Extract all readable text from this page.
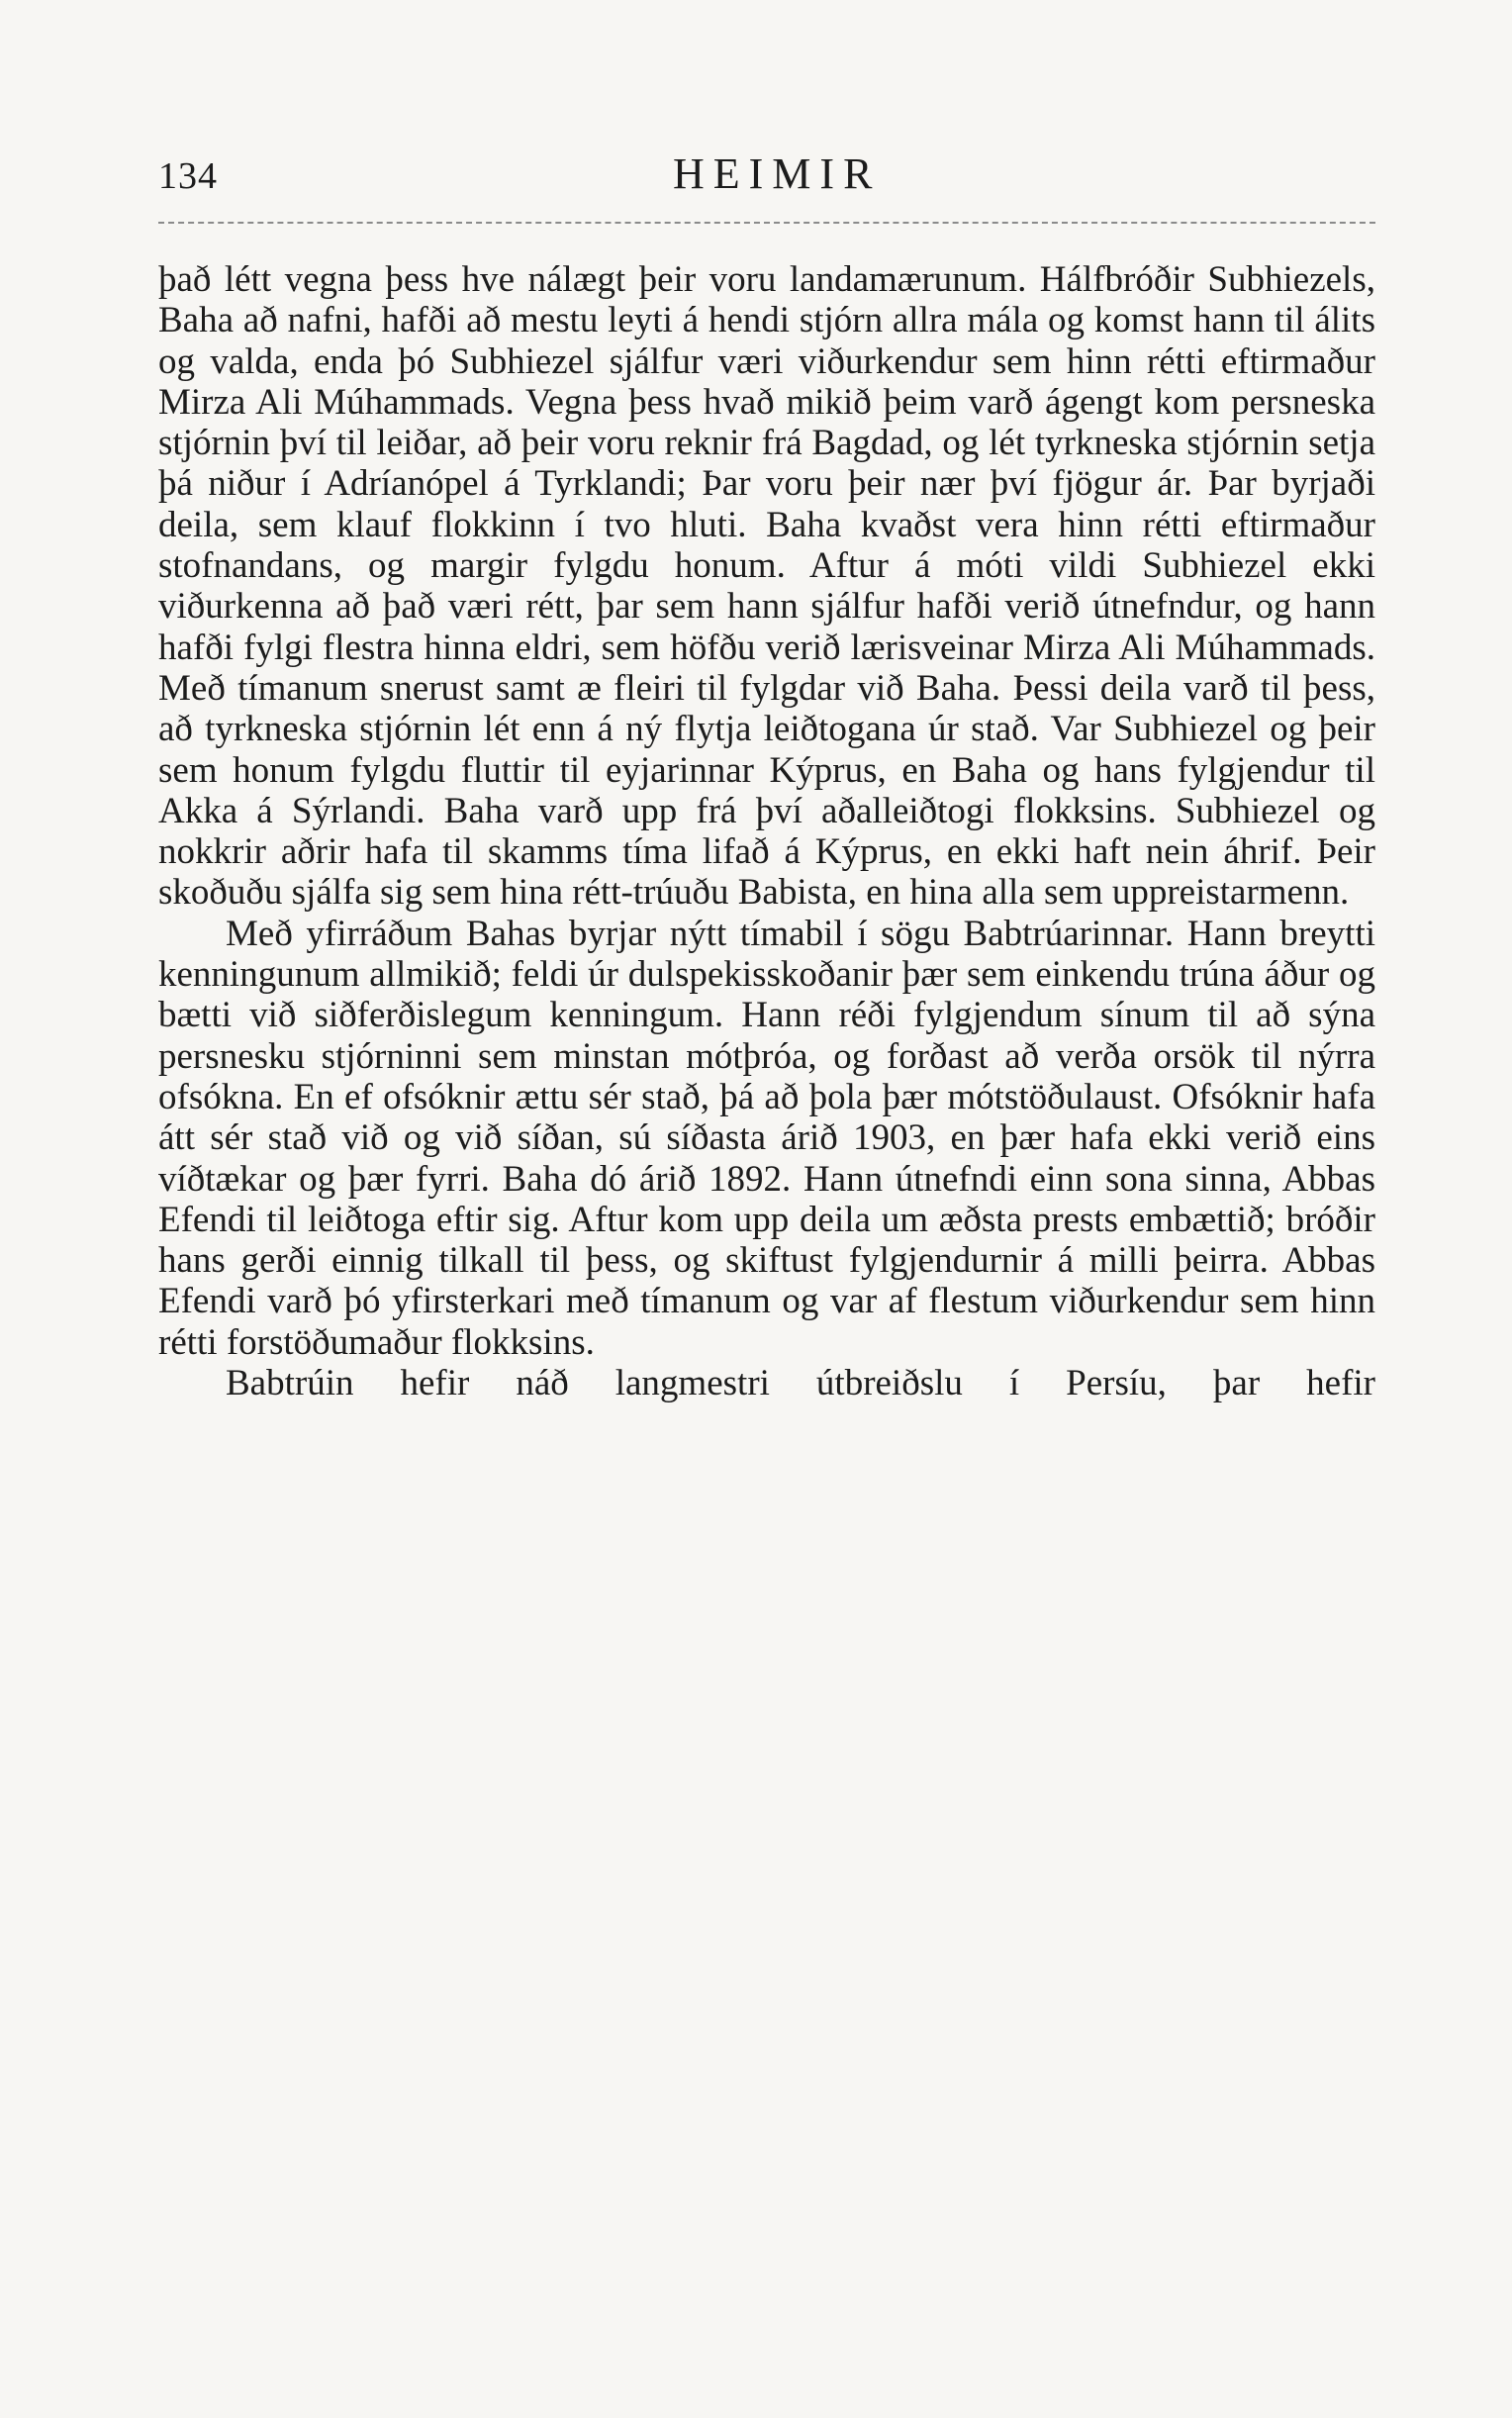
134	HEIMIR

það létt vegna þess hve nálægt þeir voru landamærunum. Hálfbróðir Subhiezels, Baha að nafni, hafði að mestu leyti á hendi stjórn allra mála og komst hann til álits og valda, enda þó Subhiezel sjálfur væri viðurkendur sem hinn rétti eftirmaður Mirza Ali Múhammads. Vegna þess hvað mikið þeim varð ágengt kom persneska stjórnin því til leiðar, að þeir voru reknir frá Bagdad, og lét tyrkneska stjórnin setja þá niður í Adríanópel á Tyrklandi; Þar voru þeir nær því fjögur ár. Þar byrjaði deila, sem klauf flokkinn í tvo hluti. Baha kvaðst vera hinn rétti eftirmaður stofnandans, og margir fylgdu honum. Aftur á móti vildi Subhiezel ekki viðurkenna að það væri rétt, þar sem hann sjálfur hafði verið útnefndur, og hann hafði fylgi flestra hinna eldri, sem höfðu verið lærisveinar Mirza Ali Múhammads. Með tímanum snerust samt æ fleiri til fylgdar við Baha. Þessi deila varð til þess, að tyrkneska stjórnin lét enn á ný flytja leiðtogana úr stað. Var Subhiezel og þeir sem honum fylgdu fluttir til eyjarinnar Kýprus, en Baha og hans fylgjendur til Akka á Sýrlandi. Baha varð upp frá því aðalleiðtogi flokksins. Subhiezel og nokkrir aðrir hafa til skamms tíma lifað á Kýprus, en ekki haft nein áhrif. Þeir skoðuðu sjálfa sig sem hina rétt-trúuðu Babista, en hina alla sem uppreistarmenn.

Með yfirráðum Bahas byrjar nýtt tímabil í sögu Babtrúarinnar. Hann breytti kenningunum allmikið; feldi úr dulspekisskoðanir þær sem einkendu trúna áður og bætti við siðferðislegum kenningum. Hann réði fylgjendum sínum til að sýna persnesku stjórninni sem minstan mótþróa, og forðast að verða orsök til nýrra ofsókna. En ef ofsóknir ættu sér stað, þá að þola þær mótstöðulaust. Ofsóknir hafa átt sér stað við og við síðan, sú síðasta árið 1903, en þær hafa ekki verið eins víðtækar og þær fyrri. Baha dó árið 1892. Hann útnefndi einn sona sinna, Abbas Efendi til leiðtoga eftir sig. Aftur kom upp deila um æðsta prests embættið; bróðir hans gerði einnig tilkall til þess, og skiftust fylgjendurnir á milli þeirra. Abbas Efendi varð þó yfirsterkari með tímanum og var af flestum viðurkendur sem hinn rétti forstöðumaður flokksins.

Babtrúin hefir náð langmestri útbreiðslu í Persíu, þar hefir
